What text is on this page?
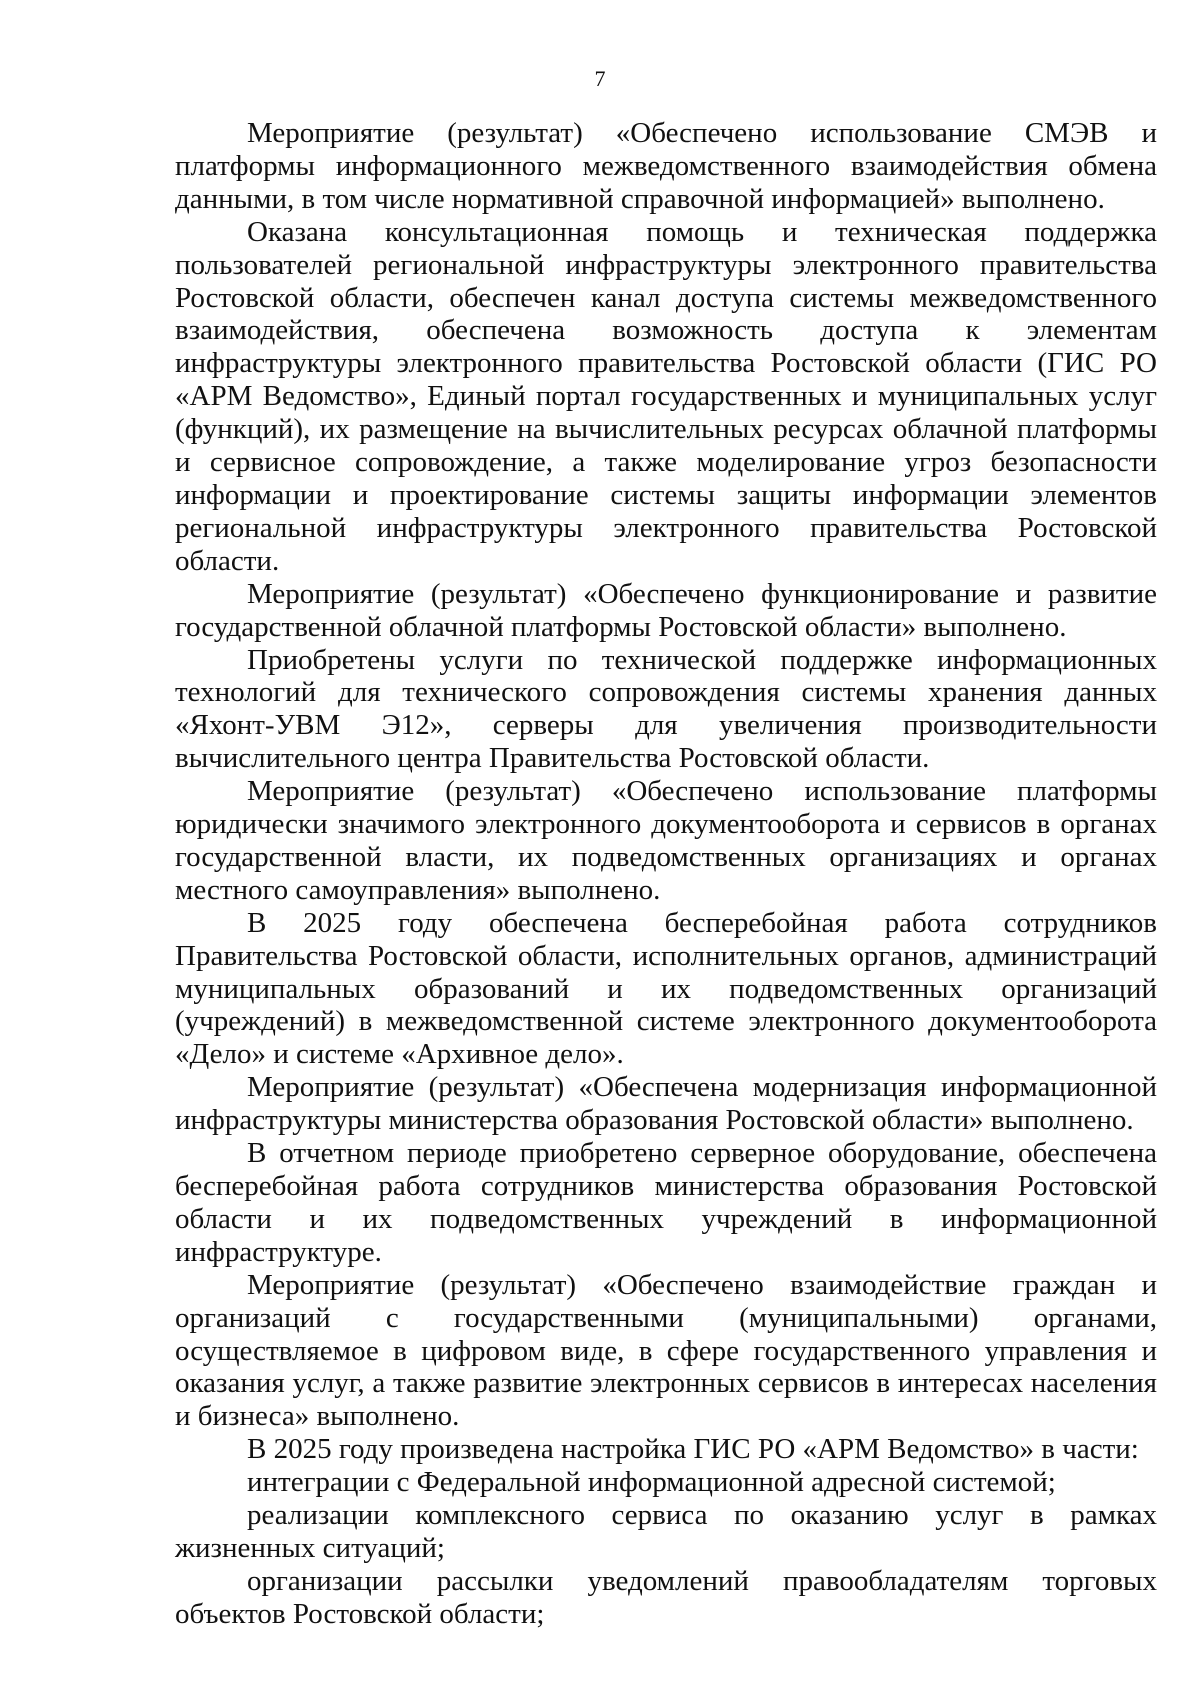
7

Мероприятие (результат) «Обеспечено использование СМЭВ и платформы информационного межведомственного взаимодействия обмена данными, в том числе нормативной справочной информацией» выполнено.

Оказана консультационная помощь и техническая поддержка пользователей региональной инфраструктуры электронного правительства Ростовской области, обеспечен канал доступа системы межведомственного взаимодействия, обеспечена возможность доступа к элементам инфраструктуры электронного правительства Ростовской области (ГИС РО «АРМ Ведомство», Единый портал государственных и муниципальных услуг (функций), их размещение на вычислительных ресурсах облачной платформы и сервисное сопровождение, а также моделирование угроз безопасности информации и проектирование системы защиты информации элементов региональной инфраструктуры электронного правительства Ростовской области.

Мероприятие (результат) «Обеспечено функционирование и развитие государственной облачной платформы Ростовской области» выполнено.

Приобретены услуги по технической поддержке информационных технологий для технического сопровождения системы хранения данных «Яхонт-УВМ Э12», серверы для увеличения производительности вычислительного центра Правительства Ростовской области.

Мероприятие (результат) «Обеспечено использование платформы юридически значимого электронного документооборота и сервисов в органах государственной власти, их подведомственных организациях и органах местного самоуправления» выполнено.

В 2025 году обеспечена бесперебойная работа сотрудников Правительства Ростовской области, исполнительных органов, администраций муниципальных образований и их подведомственных организаций (учреждений) в межведомственной системе электронного документооборота «Дело» и системе «Архивное дело».

Мероприятие (результат) «Обеспечена модернизация информационной инфраструктуры министерства образования Ростовской области» выполнено.

В отчетном периоде приобретено серверное оборудование, обеспечена бесперебойная работа сотрудников министерства образования Ростовской области и их подведомственных учреждений в информационной инфраструктуре.

Мероприятие (результат) «Обеспечено взаимодействие граждан и организаций с государственными (муниципальными) органами, осуществляемое в цифровом виде, в сфере государственного управления и оказания услуг, а также развитие электронных сервисов в интересах населения и бизнеса» выполнено.

В 2025 году произведена настройка ГИС РО «АРМ Ведомство» в части:

интеграции с Федеральной информационной адресной системой;

реализации комплексного сервиса по оказанию услуг в рамках жизненных ситуаций;

организации рассылки уведомлений правообладателям торговых объектов Ростовской области;
